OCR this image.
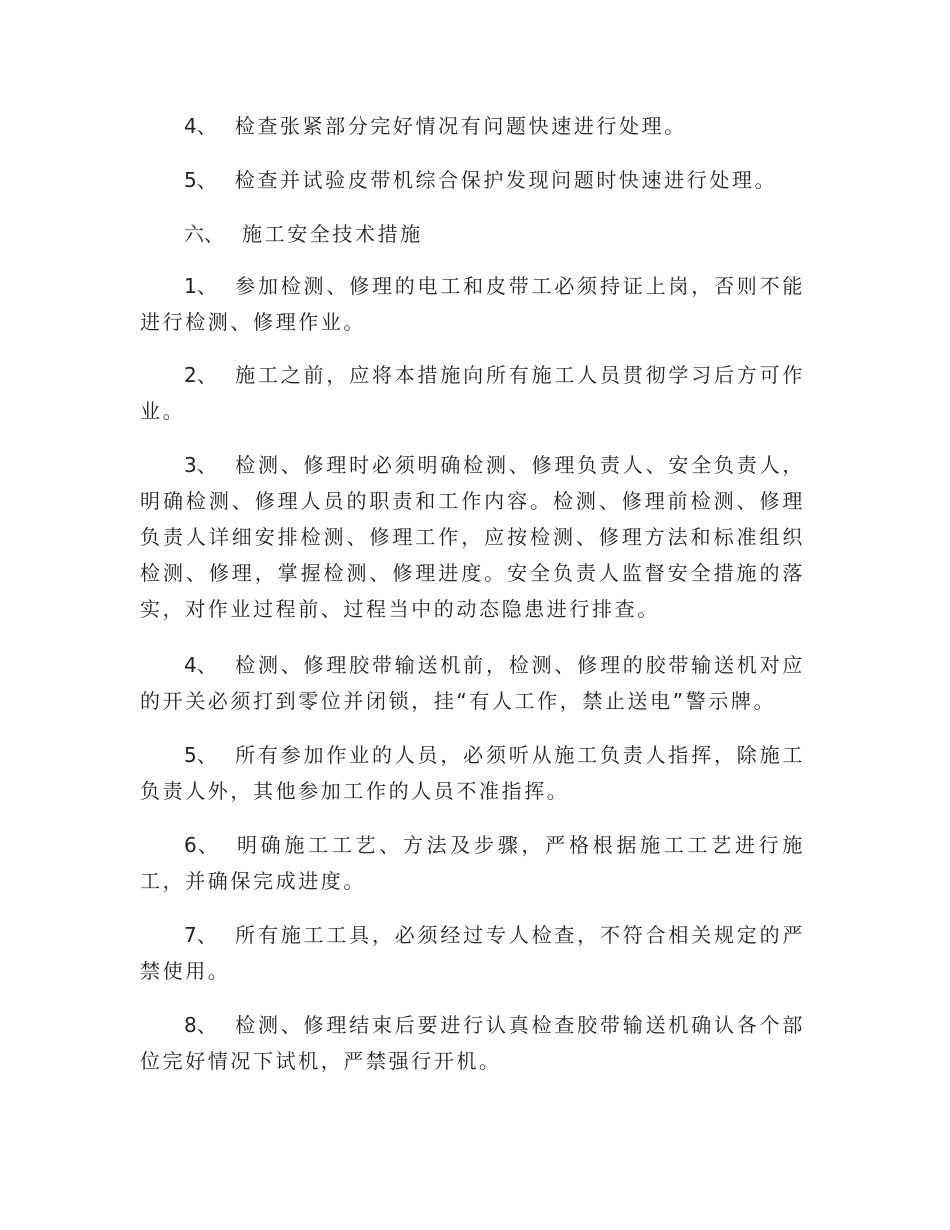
4、 检查张紧部分完好情况有问题快速进行处理。

5、 检查并试验皮带机综合保护发现问题时快速进行处理。

六、 施工安全技术措施

1、 参加检测、修理的电工和皮带工必须持证上岗，否则不能进行检测、修理作业。

2、 施工之前，应将本措施向所有施工人员贯彻学习后方可作业。

3、 检测、修理时必须明确检测、修理负责人、安全负责人，明确检测、修理人员的职责和工作内容。检测、修理前检测、修理负责人详细安排检测、修理工作，应按检测、修理方法和标准组织检测、修理，掌握检测、修理进度。安全负责人监督安全措施的落实，对作业过程前、过程当中的动态隐患进行排查。

4、 检测、修理胶带输送机前，检测、修理的胶带输送机对应的开关必须打到零位并闭锁，挂“有人工作，禁止送电”警示牌。

5、 所有参加作业的人员，必须听从施工负责人指挥，除施工负责人外，其他参加工作的人员不准指挥。

6、 明确施工工艺、方法及步骤，严格根据施工工艺进行施工，并确保完成进度。

7、 所有施工工具，必须经过专人检查，不符合相关规定的严禁使用。

8、 检测、修理结束后要进行认真检查胶带输送机确认各个部位完好情况下试机，严禁强行开机。
